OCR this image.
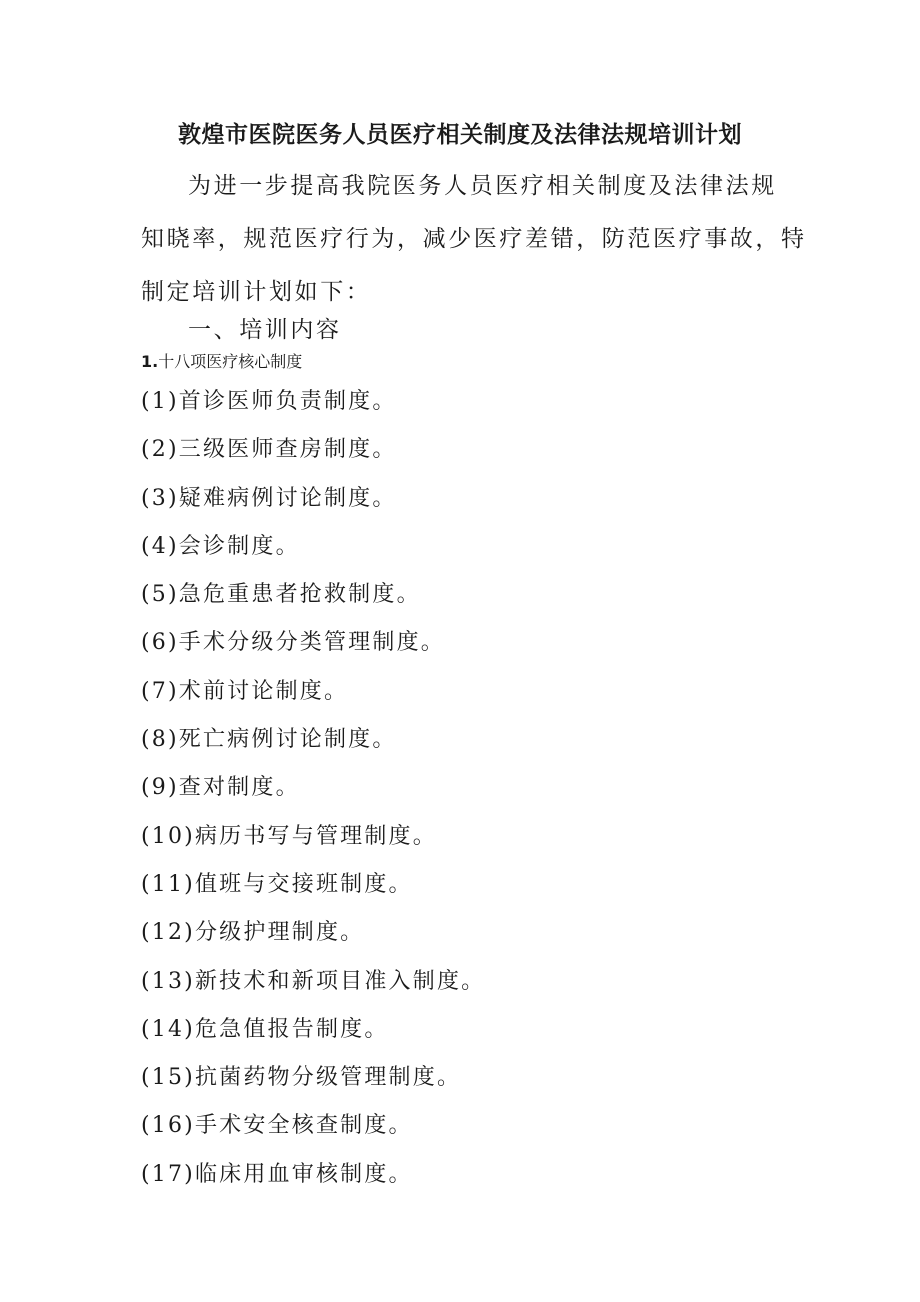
敦煌市医院医务人员医疗相关制度及法律法规培训计划
为进一步提高我院医务人员医疗相关制度及法律法规
知晓率，规范医疗行为，减少医疗差错，防范医疗事故，特
制定培训计划如下：
一、培训内容
1.十八项医疗核心制度
(1)首诊医师负责制度。
(2)三级医师查房制度。
(3)疑难病例讨论制度。
(4)会诊制度。
(5)急危重患者抢救制度。
(6)手术分级分类管理制度。
(7)术前讨论制度。
(8)死亡病例讨论制度。
(9)查对制度。
(10)病历书写与管理制度。
(11)值班与交接班制度。
(12)分级护理制度。
(13)新技术和新项目准入制度。
(14)危急值报告制度。
(15)抗菌药物分级管理制度。
(16)手术安全核查制度。
(17)临床用血审核制度。
